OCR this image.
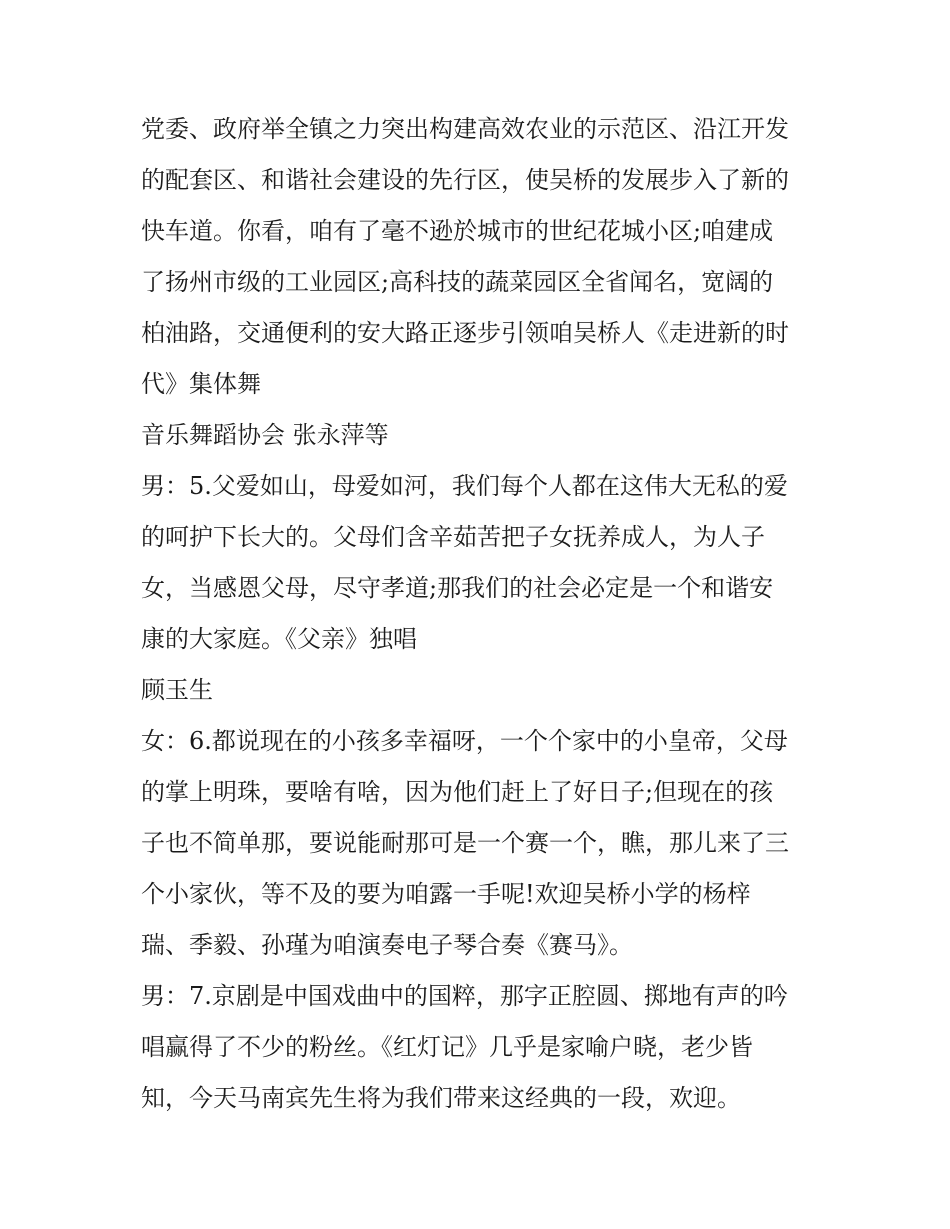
党委、政府举全镇之力突出构建高效农业的示范区、沿江开发
的配套区、和谐社会建设的先行区，使吴桥的发展步入了新的
快车道。你看，咱有了毫不逊於城市的世纪花城小区;咱建成
了扬州市级的工业园区;高科技的蔬菜园区全省闻名，宽阔的
柏油路，交通便利的安大路正逐步引领咱吴桥人《走进新的时
代》集体舞
音乐舞蹈协会 张永萍等
男：5.父爱如山，母爱如河，我们每个人都在这伟大无私的爱
的呵护下长大的。父母们含辛茹苦把子女抚养成人，为人子
女，当感恩父母，尽守孝道;那我们的社会必定是一个和谐安
康的大家庭。《父亲》独唱
顾玉生
女：6.都说现在的小孩多幸福呀，一个个家中的小皇帝，父母
的掌上明珠，要啥有啥，因为他们赶上了好日子;但现在的孩
子也不简单那，要说能耐那可是一个赛一个，瞧，那儿来了三
个小家伙，等不及的要为咱露一手呢!欢迎吴桥小学的杨梓
瑞、季毅、孙瑾为咱演奏电子琴合奏《赛马》。
男：7.京剧是中国戏曲中的国粹，那字正腔圆、掷地有声的吟
唱赢得了不少的粉丝。《红灯记》几乎是家喻户晓，老少皆
知，今天马南宾先生将为我们带来这经典的一段，欢迎。
